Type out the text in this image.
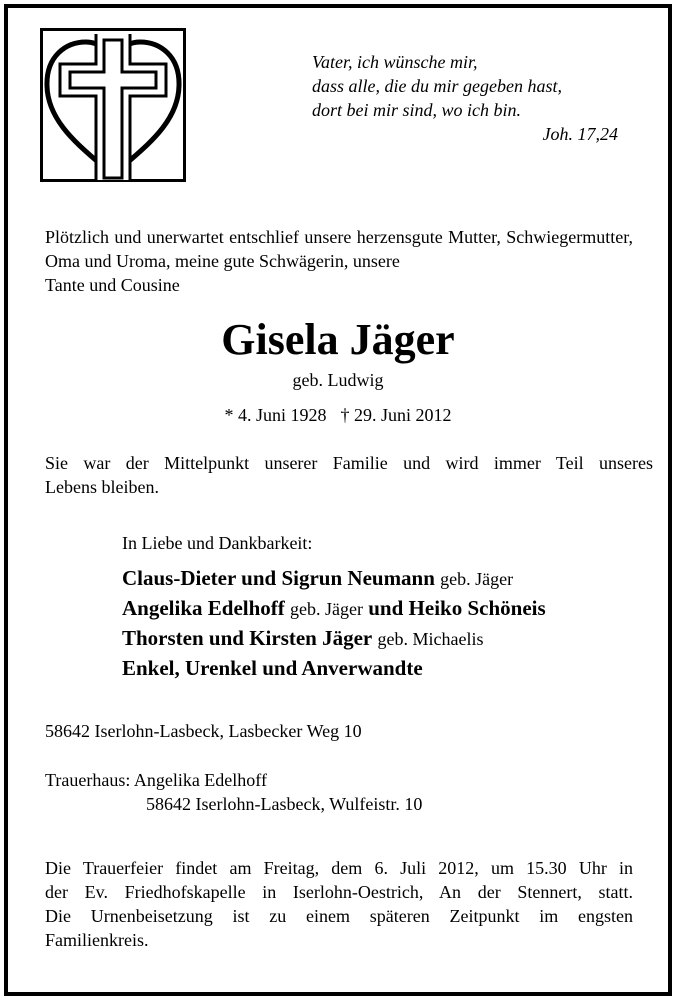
Vater, ich wünsche mir,
dass alle, die du mir gegeben hast,
dort bei mir sind, wo ich bin.
Joh. 17,24
Plötzlich und unerwartet entschlief unsere herzensgute Mutter, Schwiegermutter, Oma und Uroma, meine gute Schwägerin, unsere
Tante und Cousine
Gisela Jäger
geb. Ludwig
* 4. Juni 1928 † 29. Juni 2012
Sie war der Mittelpunkt unserer Familie und wird immer Teil unseres
Lebens bleiben.
In Liebe und Dankbarkeit:
Claus-Dieter und Sigrun Neumann geb. Jäger
Angelika Edelhoff geb. Jäger und Heiko Schöneis
Thorsten und Kirsten Jäger geb. Michaelis
Enkel, Urenkel und Anverwandte
58642 Iserlohn-Lasbeck, Lasbecker Weg 10
Trauerhaus: Angelika Edelhoff
58642 Iserlohn-Lasbeck, Wulfeistr. 10
Die Trauerfeier findet am Freitag, dem 6. Juli 2012, um 15.30 Uhr in
der Ev. Friedhofskapelle in Iserlohn-Oestrich, An der Stennert, statt.
Die Urnenbeisetzung ist zu einem späteren Zeitpunkt im engsten
Familienkreis.
